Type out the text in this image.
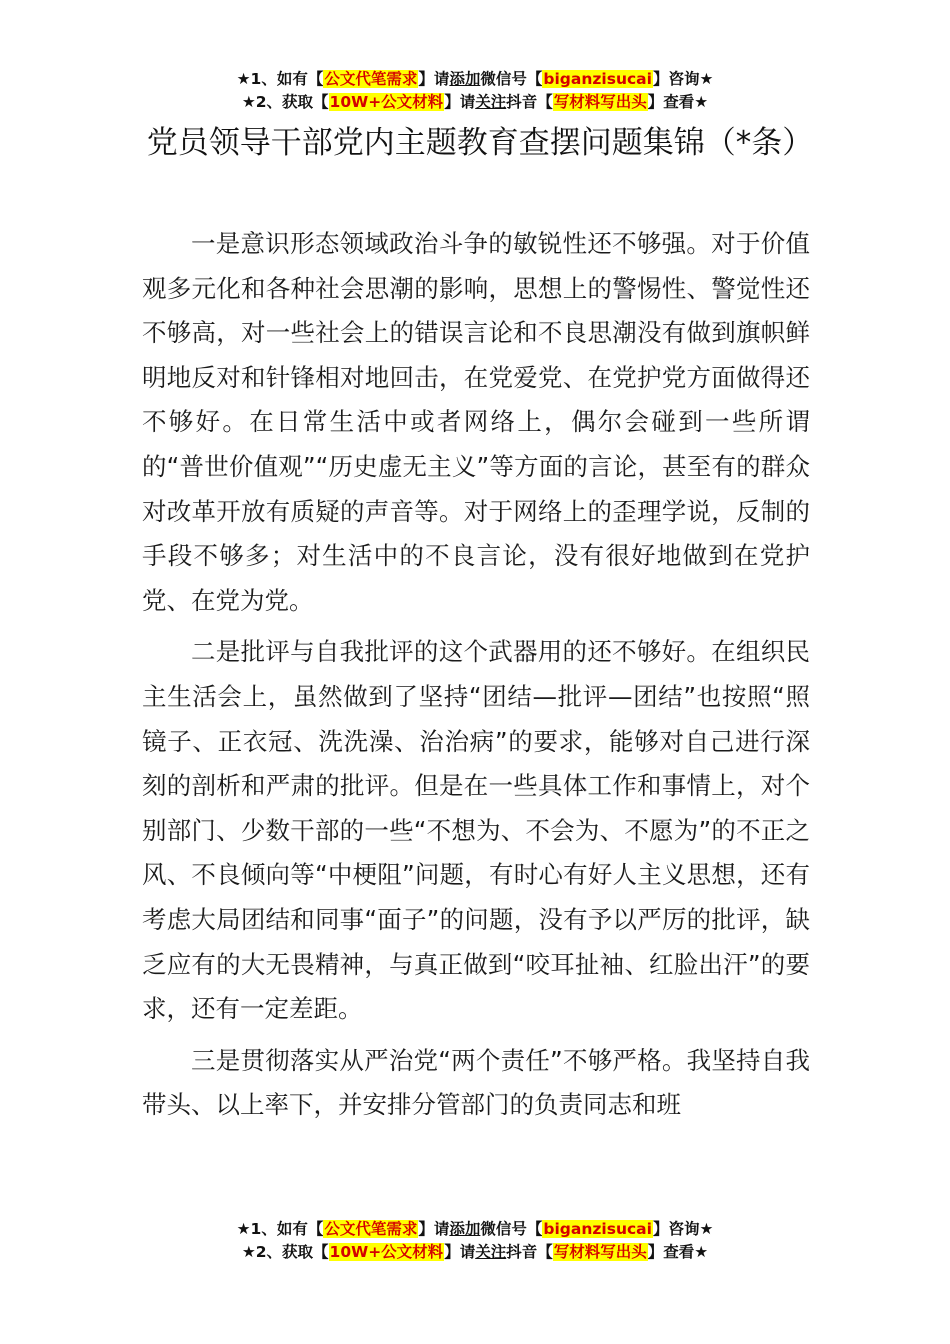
★1、如有【公文代笔需求】请添加微信号【biganzisucai】咨询★
★2、获取【10W+公文材料】请关注抖音【写材料写出头】查看★
党员领导干部党内主题教育查摆问题集锦（*条）

一是意识形态领域政治斗争的敏锐性还不够强。对于价值观多元化和各种社会思潮的影响，思想上的警惕性、警觉性还不够高，对一些社会上的错误言论和不良思潮没有做到旗帜鲜明地反对和针锋相对地回击，在党爱党、在党护党方面做得还不够好。在日常生活中或者网络上，偶尔会碰到一些所谓的“普世价值观”“历史虚无主义”等方面的言论，甚至有的群众对改革开放有质疑的声音等。对于网络上的歪理学说，反制的手段不够多；对生活中的不良言论，没有很好地做到在党护党、在党为党。

二是批评与自我批评的这个武器用的还不够好。在组织民主生活会上，虽然做到了坚持“团结—批评—团结”也按照“照镜子、正衣冠、洗洗澡、治治病”的要求，能够对自己进行深刻的剖析和严肃的批评。但是在一些具体工作和事情上，对个别部门、少数干部的一些“不想为、不会为、不愿为”的不正之风、不良倾向等“中梗阻”问题，有时心有好人主义思想，还有考虑大局团结和同事“面子”的问题，没有予以严厉的批评，缺乏应有的大无畏精神，与真正做到“咬耳扯袖、红脸出汗”的要求，还有一定差距。

三是贯彻落实从严治党“两个责任”不够严格。我坚持自我带头、以上率下，并安排分管部门的负责同志和班

★1、如有【公文代笔需求】请添加微信号【biganzisucai】咨询★
★2、获取【10W+公文材料】请关注抖音【写材料写出头】查看★
